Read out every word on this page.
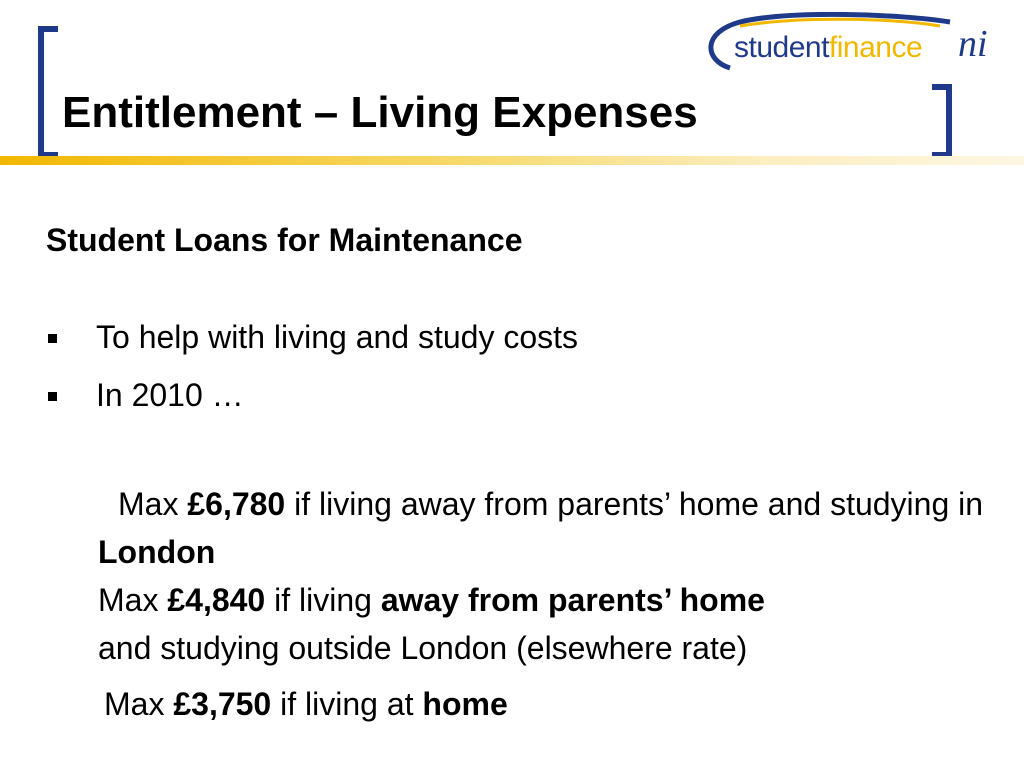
studentfinance ni
Entitlement – Living Expenses
Student Loans for Maintenance
To help with living and study costs
In 2010 …

Max £6,780 if living away from parents’ home and studying in London

Max £4,840 if living away from parents’ home
and studying outside London (elsewhere rate)

Max £3,750 if living at home
